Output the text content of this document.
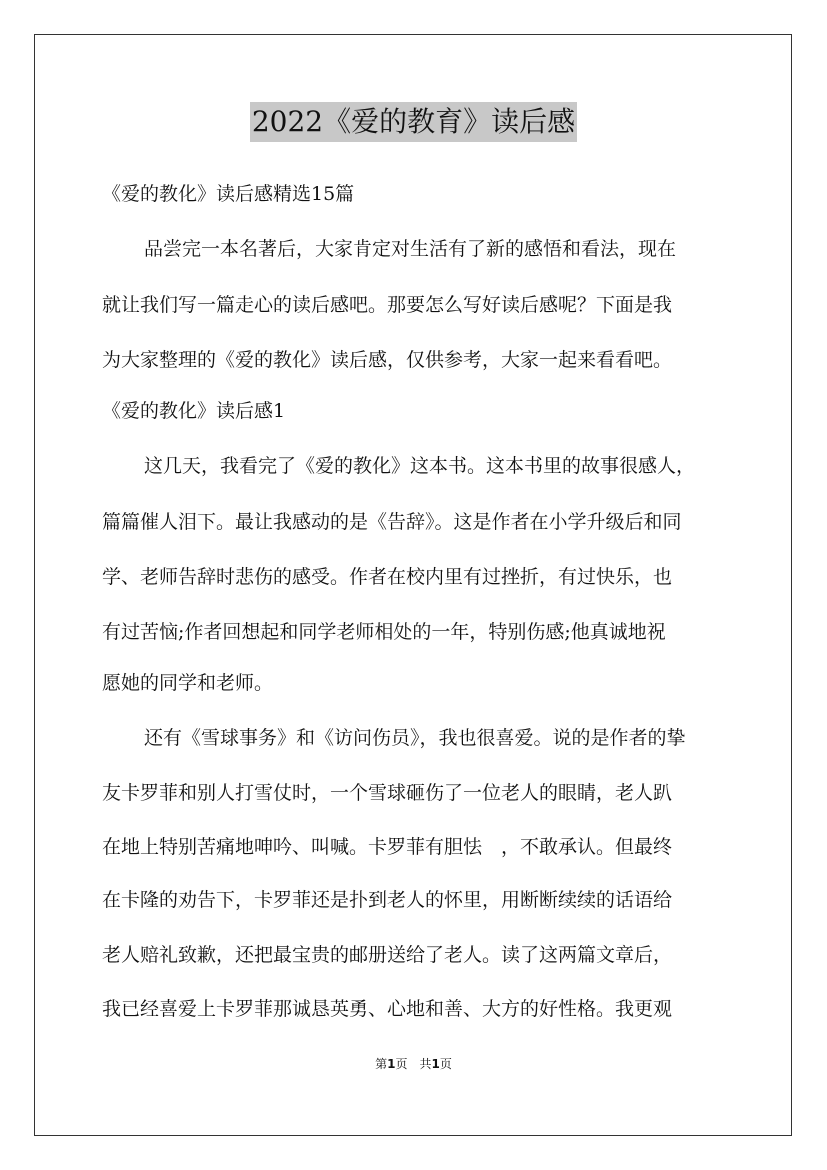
2022《爱的教育》读后感
《爱的教化》读后感精选15篇
品尝完一本名著后，大家肯定对生活有了新的感悟和看法，现在
就让我们写一篇走心的读后感吧。那要怎么写好读后感呢？下面是我
为大家整理的《爱的教化》读后感，仅供参考，大家一起来看看吧。
《爱的教化》读后感1
这几天，我看完了《爱的教化》这本书。这本书里的故事很感人，
篇篇催人泪下。最让我感动的是《告辞》。这是作者在小学升级后和同
学、老师告辞时悲伤的感受。作者在校内里有过挫折，有过快乐，也
有过苦恼;作者回想起和同学老师相处的一年，特别伤感;他真诚地祝
愿她的同学和老师。
还有《雪球事务》和《访问伤员》，我也很喜爱。说的是作者的挚
友卡罗菲和别人打雪仗时，一个雪球砸伤了一位老人的眼睛，老人趴
在地上特别苦痛地呻吟、叫喊。卡罗菲有胆怯　，不敢承认。但最终
在卡隆的劝告下，卡罗菲还是扑到老人的怀里，用断断续续的话语给
老人赔礼致歉，还把最宝贵的邮册送给了老人。读了这两篇文章后，
我已经喜爱上卡罗菲那诚恳英勇、心地和善、大方的好性格。我更观
第1页　共1页
